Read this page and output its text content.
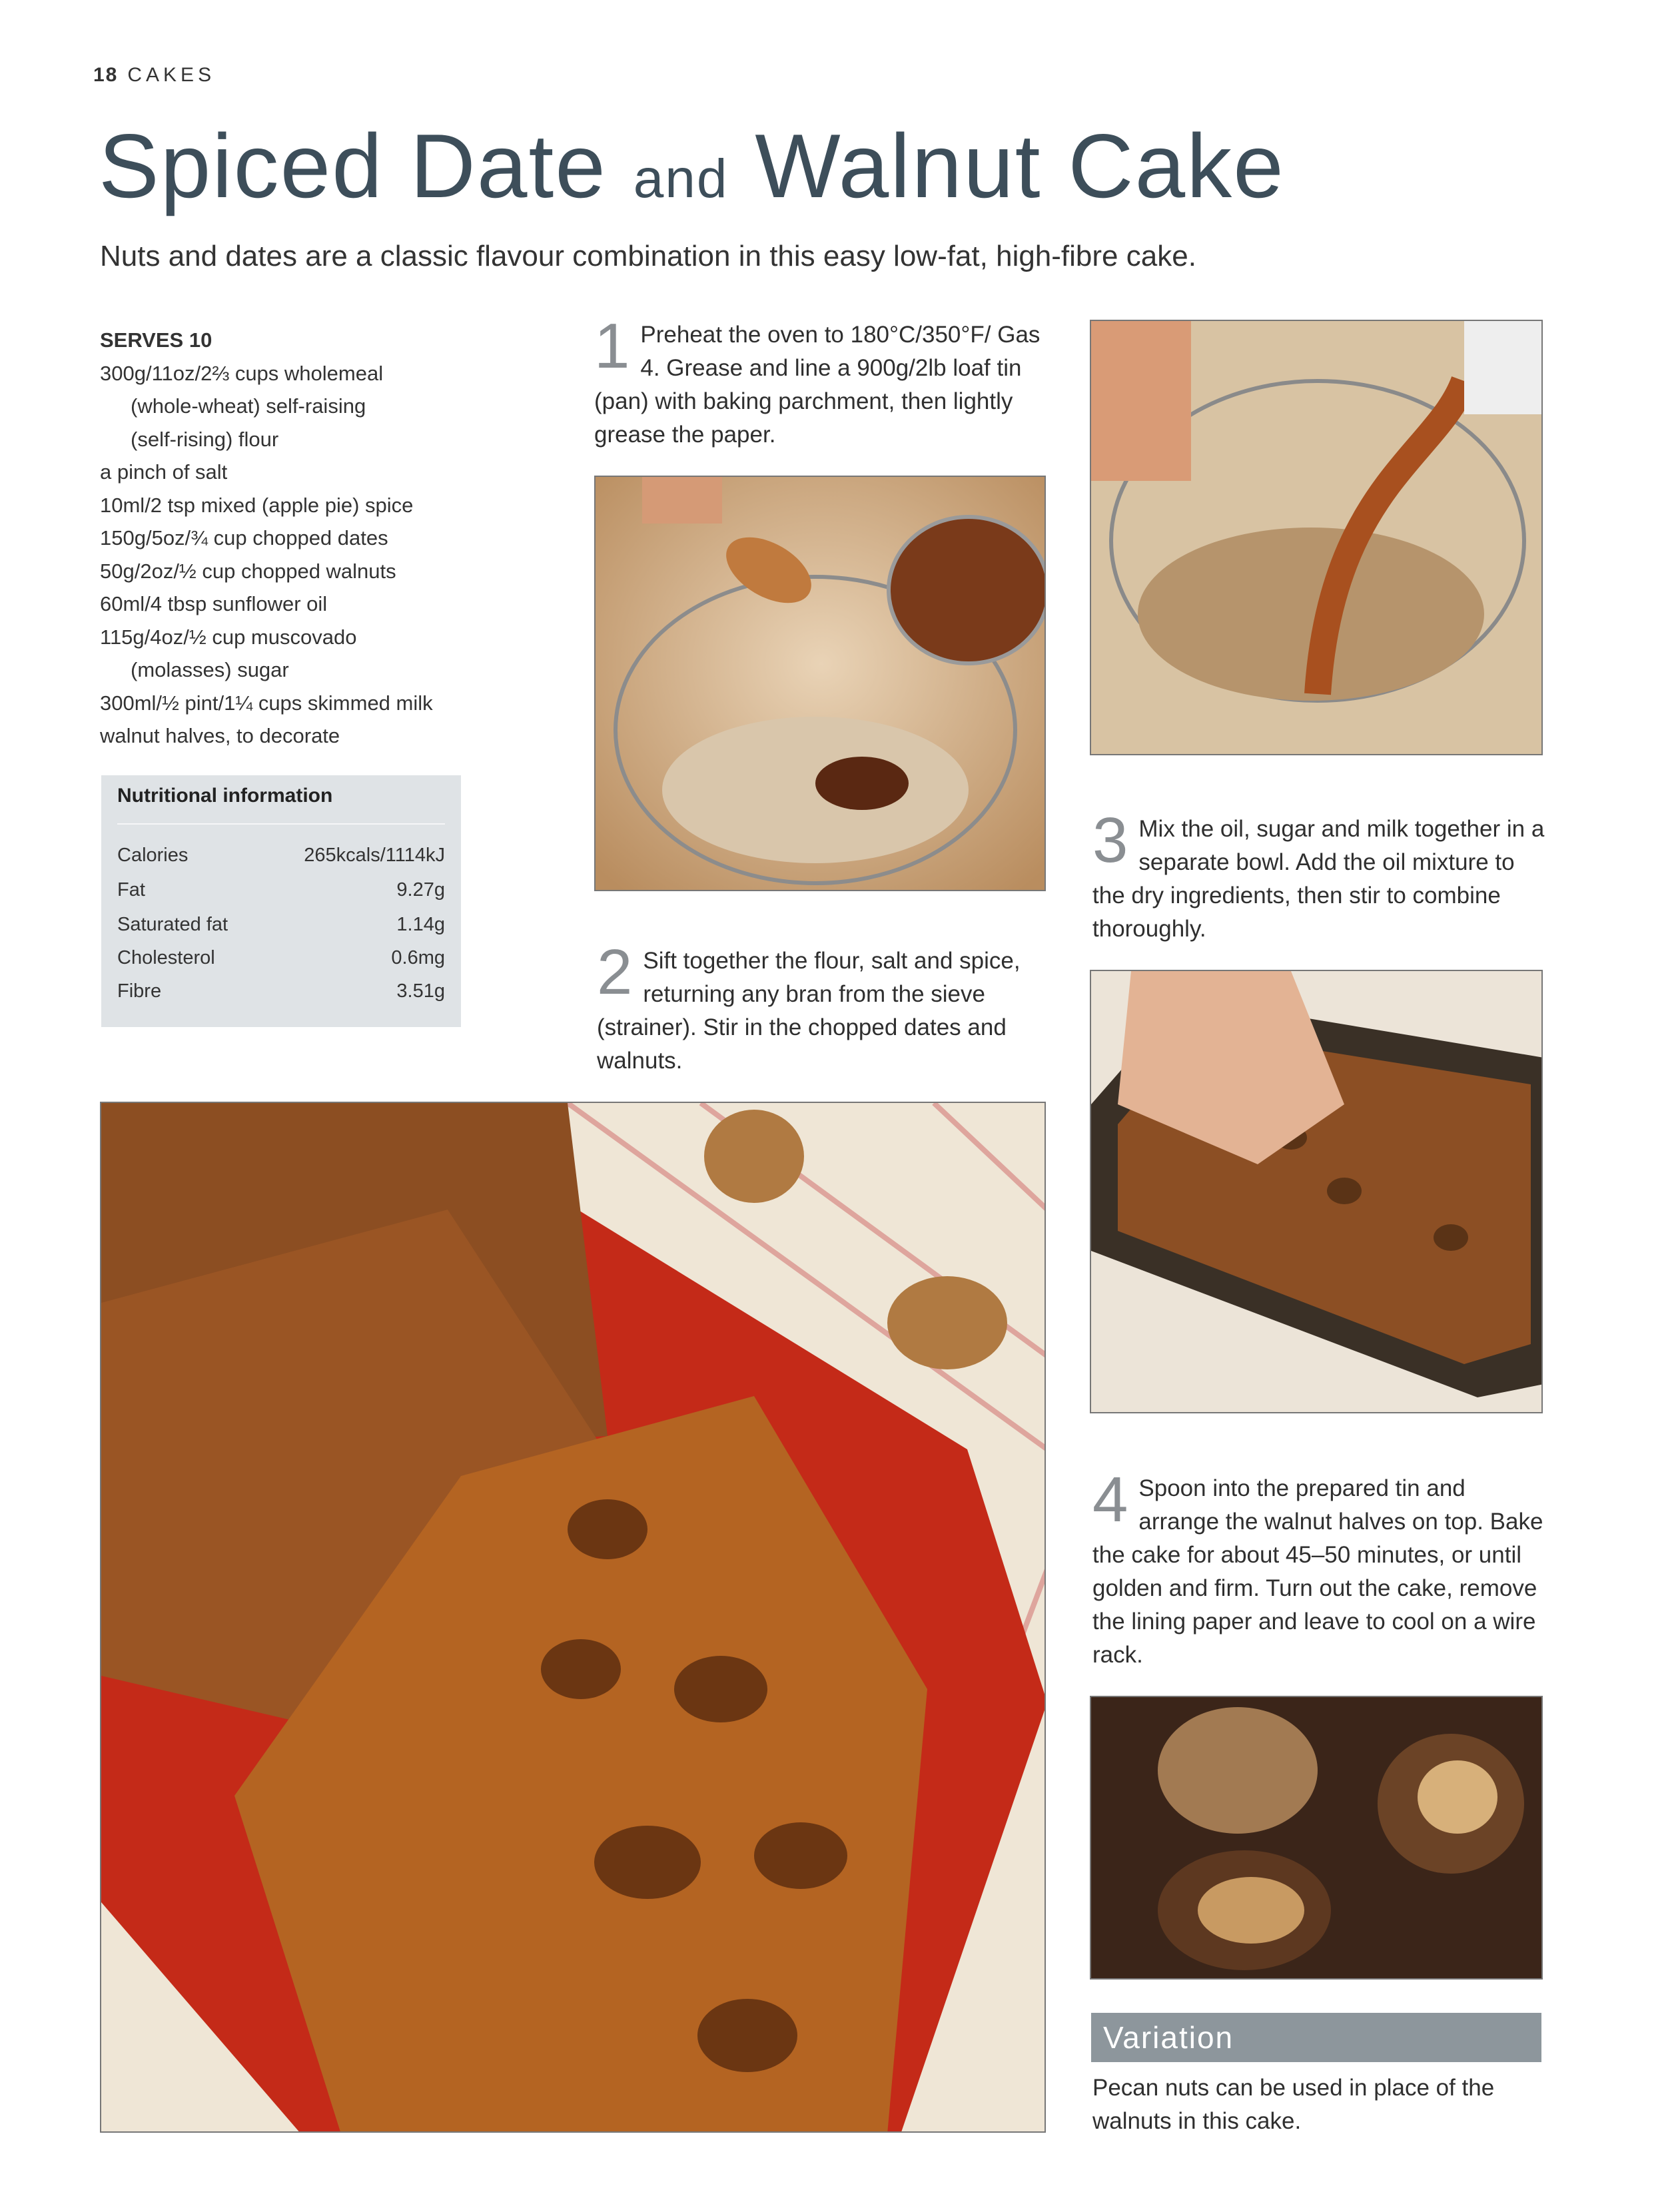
18 CAKES
Spiced Date and Walnut Cake
Nuts and dates are a classic flavour combination in this easy low-fat, high-fibre cake.
SERVES 10
300g/11oz/2⅔ cups wholemeal
(whole-wheat) self-raising
(self-rising) flour
a pinch of salt
10ml/2 tsp mixed (apple pie) spice
150g/5oz/¾ cup chopped dates
50g/2oz/½ cup chopped walnuts
60ml/4 tbsp sunflower oil
115g/4oz/½ cup muscovado
(molasses) sugar
300ml/½ pint/1¼ cups skimmed milk
walnut halves, to decorate
Nutritional information
Calories	265kcals/1114kJ
Fat	9.27g
Saturated fat	1.14g
Cholesterol	0.6mg
Fibre	3.51g
1 Preheat the oven to 180°C/350°F/ Gas 4. Grease and line a 900g/2lb loaf tin (pan) with baking parchment, then lightly grease the paper.
2 Sift together the flour, salt and spice, returning any bran from the sieve (strainer). Stir in the chopped dates and walnuts.
3 Mix the oil, sugar and milk together in a separate bowl. Add the oil mixture to the dry ingredients, then stir to combine thoroughly.
4 Spoon into the prepared tin and arrange the walnut halves on top. Bake the cake for about 45–50 minutes, or until golden and firm. Turn out the cake, remove the lining paper and leave to cool on a wire rack.
Variation
Pecan nuts can be used in place of the walnuts in this cake.
